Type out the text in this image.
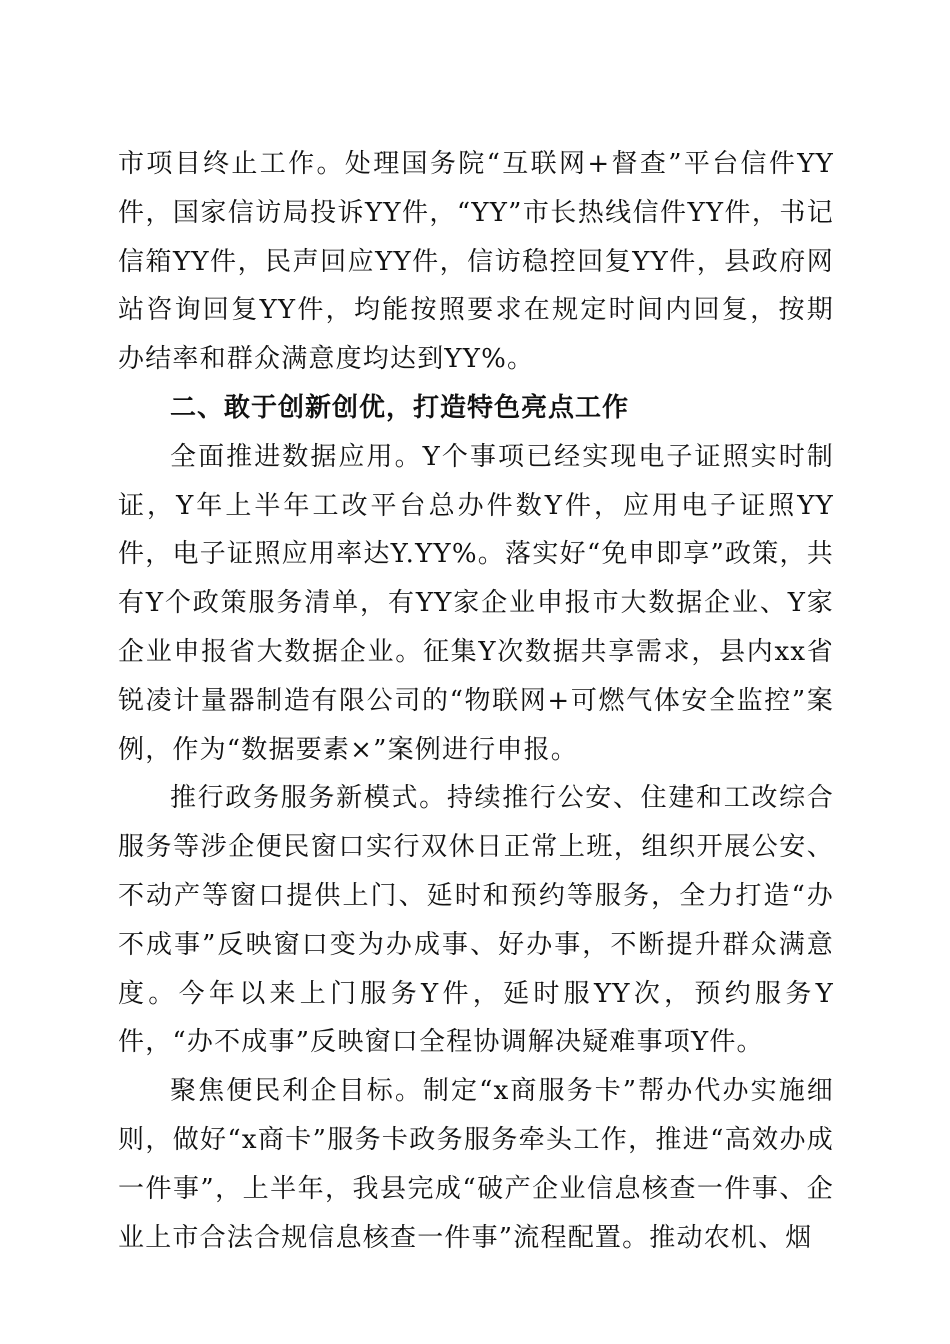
市项目终止工作。处理国务院“互联网+督查”平台信件YY件，国家信访局投诉YY件，“YY”市长热线信件YY件，书记信箱YY件，民声回应YY件，信访稳控回复YY件，县政府网站咨询回复YY件，均能按照要求在规定时间内回复，按期办结率和群众满意度均达到YY%。

二、敢于创新创优，打造特色亮点工作

全面推进数据应用。Y个事项已经实现电子证照实时制证，Y年上半年工改平台总办件数Y件，应用电子证照YY件，电子证照应用率达Y.YY%。落实好“免申即享”政策，共有Y个政策服务清单，有YY家企业申报市大数据企业、Y家企业申报省大数据企业。征集Y次数据共享需求，县内xx省锐凌计量器制造有限公司的“物联网+可燃气体安全监控”案例，作为“数据要素×”案例进行申报。

推行政务服务新模式。持续推行公安、住建和工改综合服务等涉企便民窗口实行双休日正常上班，组织开展公安、不动产等窗口提供上门、延时和预约等服务，全力打造“办不成事”反映窗口变为办成事、好办事，不断提升群众满意度。今年以来上门服务Y件，延时服YY次，预约服务Y件，“办不成事”反映窗口全程协调解决疑难事项Y件。

聚焦便民利企目标。制定“x商服务卡”帮办代办实施细则，做好“x商卡”服务卡政务服务牵头工作，推进“高效办成一件事”，上半年，我县完成“破产企业信息核查一件事、企业上市合法合规信息核查一件事”流程配置。推动农机、烟
